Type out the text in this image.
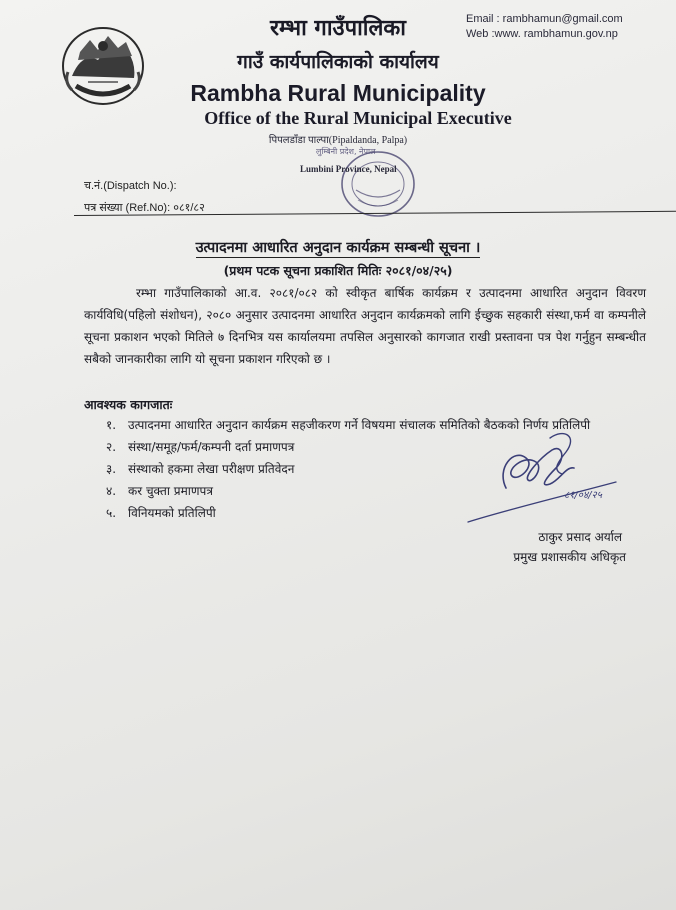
Email : rambhamun@gmail.com
Web :www. rambhamun.gov.np
रम्भा गाउँपालिका
गाउँ कार्यपालिकाको कार्यालय
Rambha Rural Municipality
Office of the Rural Municipal Executive
पिपलडाँडा पाल्पा(Pipaldanda, Palpa)
लुम्बिनी प्रदेश, नेपाल
Lumbini Province, Nepal
च.नं.(Dispatch No.):
पत्र संख्या (Ref.No): ०८१/८२
उत्पादनमा आधारित अनुदान कार्यक्रम सम्बन्धी सूचना ।
(प्रथम पटक सूचना प्रकाशित मितिः २०८१/०४/२५)
रम्भा गाउँपालिकाको आ.व. २०८१/०८२ को स्वीकृत बार्षिक कार्यक्रम र उत्पादनमा आधारित अनुदान विवरण कार्यविधि(पहिलो संशोधन), २०८० अनुसार उत्पादनमा आधारित अनुदान कार्यक्रमको लागि ईच्छुक सहकारी संस्था,फर्म वा कम्पनीले सूचना प्रकाशन भएको मितिले ७ दिनभित्र यस कार्यालयमा तपसिल अनुसारको कागजात राखी प्रस्तावना पत्र पेश गर्नुहुन सम्बन्धीत सबैको जानकारीका लागि यो सूचना प्रकाशन गरिएको छ ।
आवश्यक कागजातः
१. उत्पादनमा आधारित अनुदान कार्यक्रम सहजीकरण गर्ने विषयमा संचालक समितिको बैठकको निर्णय प्रतिलिपी
२. संस्था/समूह/फर्म/कम्पनी दर्ता प्रमाणपत्र
३. संस्थाको हकमा लेखा परीक्षण प्रतिवेदन
४. कर चुक्ता प्रमाणपत्र
५. विनियमको प्रतिलिपी
८१/०४/२५
ठाकुर प्रसाद अर्याल
प्रमुख प्रशासकीय अधिकृत
